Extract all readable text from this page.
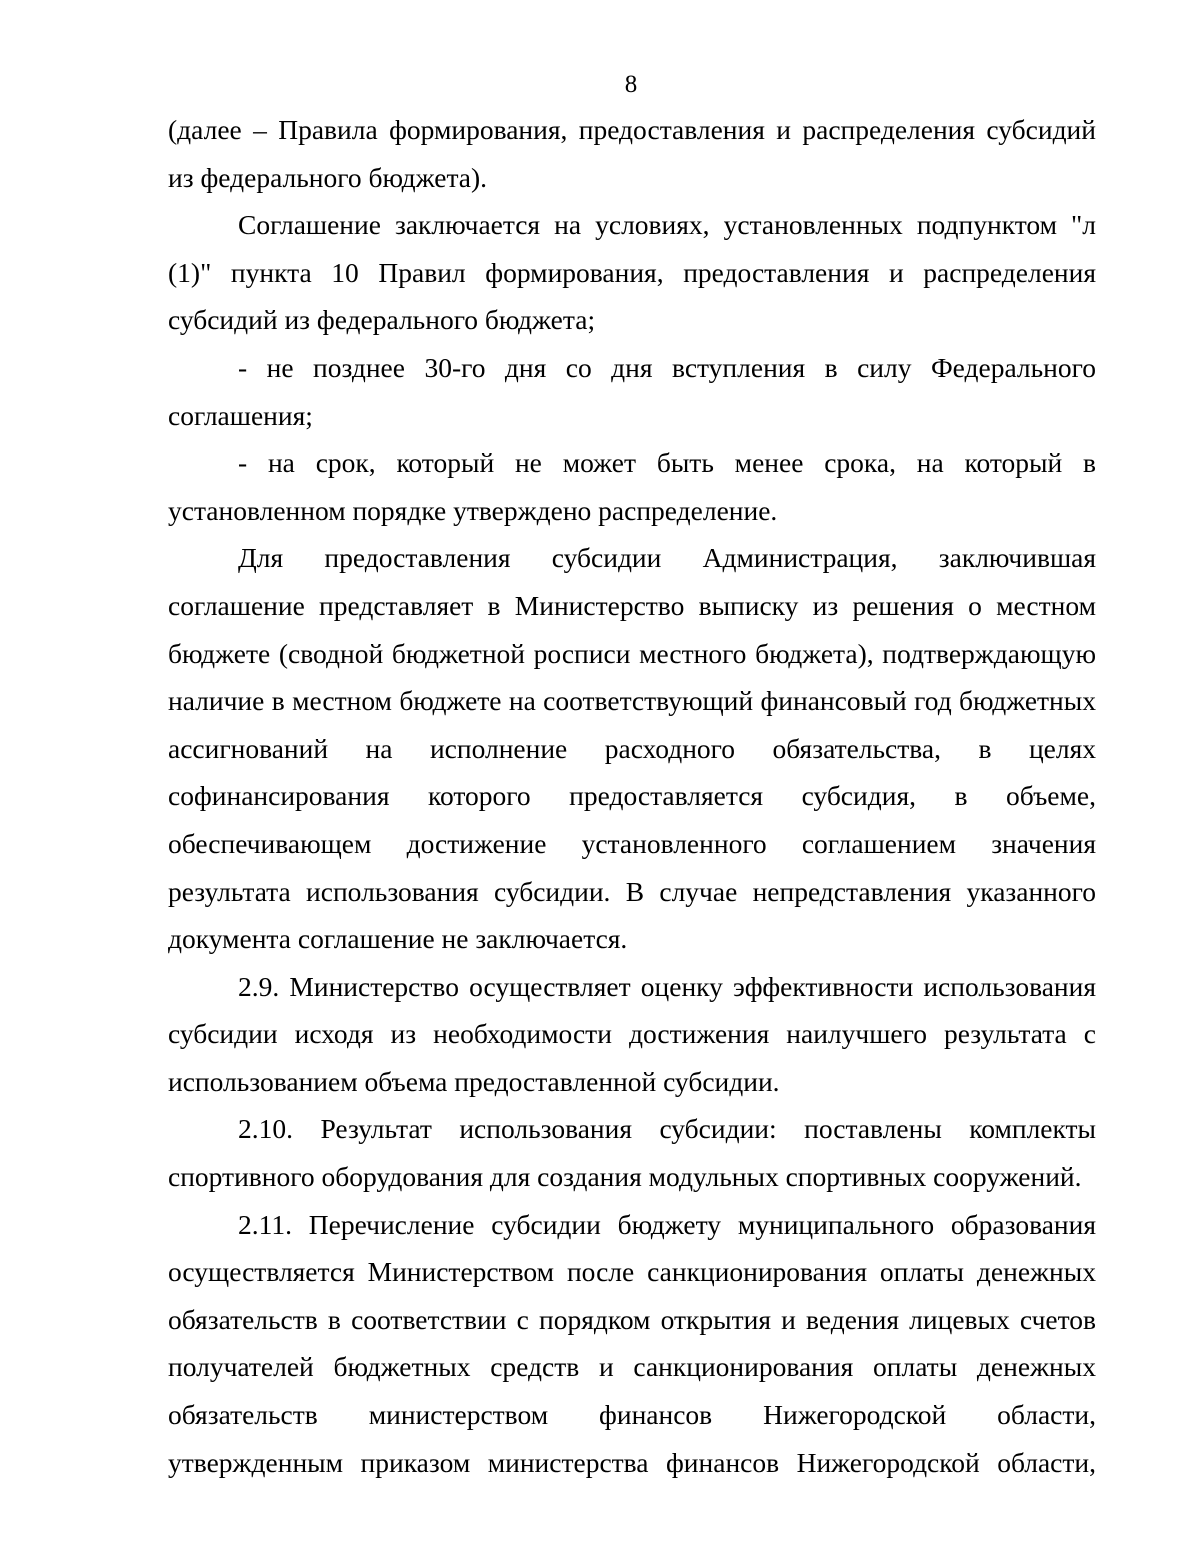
8

(далее – Правила формирования, предоставления и распределения субсидий из федерального бюджета).

Соглашение заключается на условиях, установленных подпунктом "л (1)" пункта 10 Правил формирования, предоставления и распределения субсидий из федерального бюджета;

- не позднее 30-го дня со дня вступления в силу Федерального соглашения;

- на срок, который не может быть менее срока, на который в установленном порядке утверждено распределение.

Для предоставления субсидии Администрация, заключившая соглашение представляет в Министерство выписку из решения о местном бюджете (сводной бюджетной росписи местного бюджета), подтверждающую наличие в местном бюджете на соответствующий финансовый год бюджетных ассигнований на исполнение расходного обязательства, в целях софинансирования которого предоставляется субсидия, в объеме, обеспечивающем достижение установленного соглашением значения результата использования субсидии. В случае непредставления указанного документа соглашение не заключается.

2.9. Министерство осуществляет оценку эффективности использования субсидии исходя из необходимости достижения наилучшего результата с использованием объема предоставленной субсидии.

2.10. Результат использования субсидии: поставлены комплекты спортивного оборудования для создания модульных спортивных сооружений.

2.11. Перечисление субсидии бюджету муниципального образования осуществляется Министерством после санкционирования оплаты денежных обязательств в соответствии с порядком открытия и ведения лицевых счетов получателей бюджетных средств и санкционирования оплаты денежных обязательств министерством финансов Нижегородской области, утвержденным приказом министерства финансов Нижегородской области,
